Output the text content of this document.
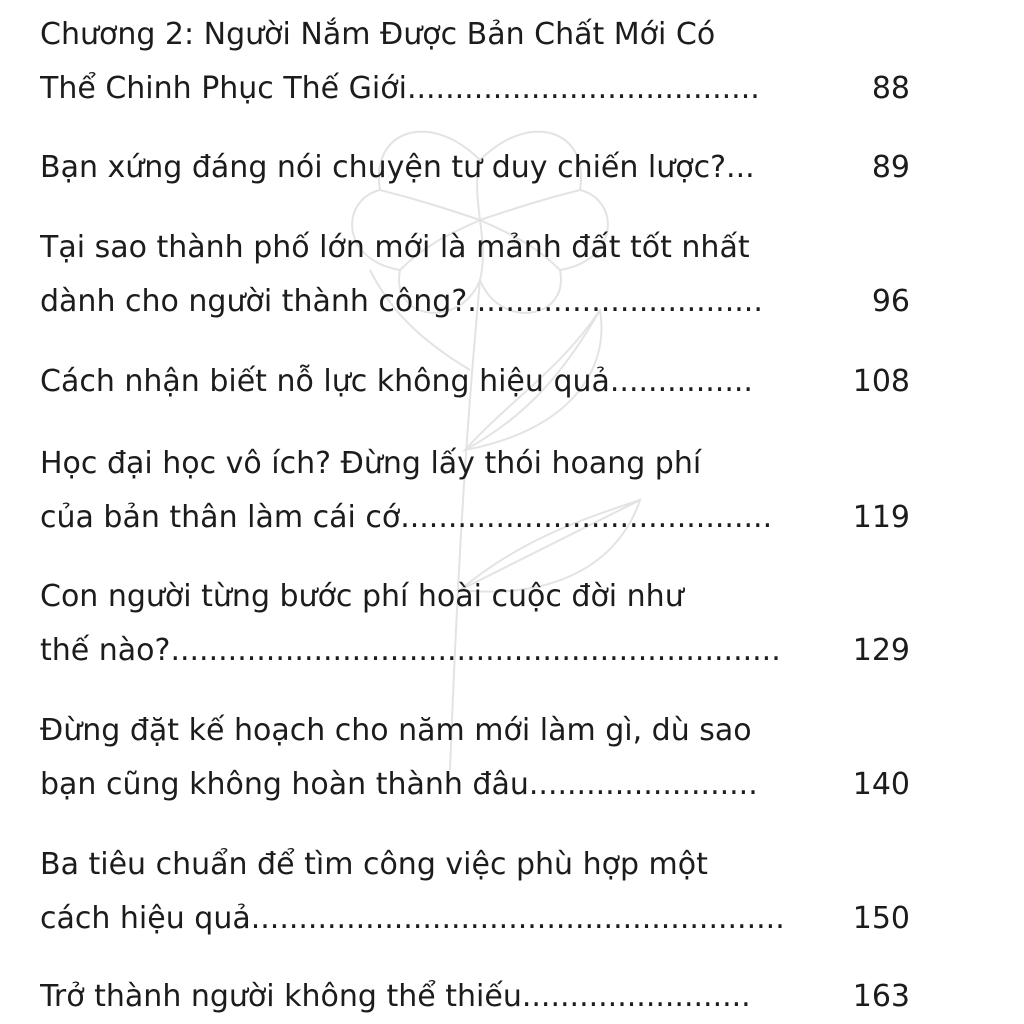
Chương 2: Người Nắm Được Bản Chất Mới Có
Thể Chinh Phục Thế Giới.....................................	88
Bạn xứng đáng nói chuyện tư duy chiến lược?...	89
Tại sao thành phố lớn mới là mảnh đất tốt nhất
dành cho người thành công?...............................	96
Cách nhận biết nỗ lực không hiệu quả...............	108
Học đại học vô ích? Đừng lấy thói hoang phí
của bản thân làm cái cớ.......................................	119
Con người từng bước phí hoài cuộc đời như
thế nào?................................................................	129
Đừng đặt kế hoạch cho năm mới làm gì, dù sao
bạn cũng không hoàn thành đâu........................	140
Ba tiêu chuẩn để tìm công việc phù hợp một
cách hiệu quả........................................................	150
Trở thành người không thể thiếu........................	163
